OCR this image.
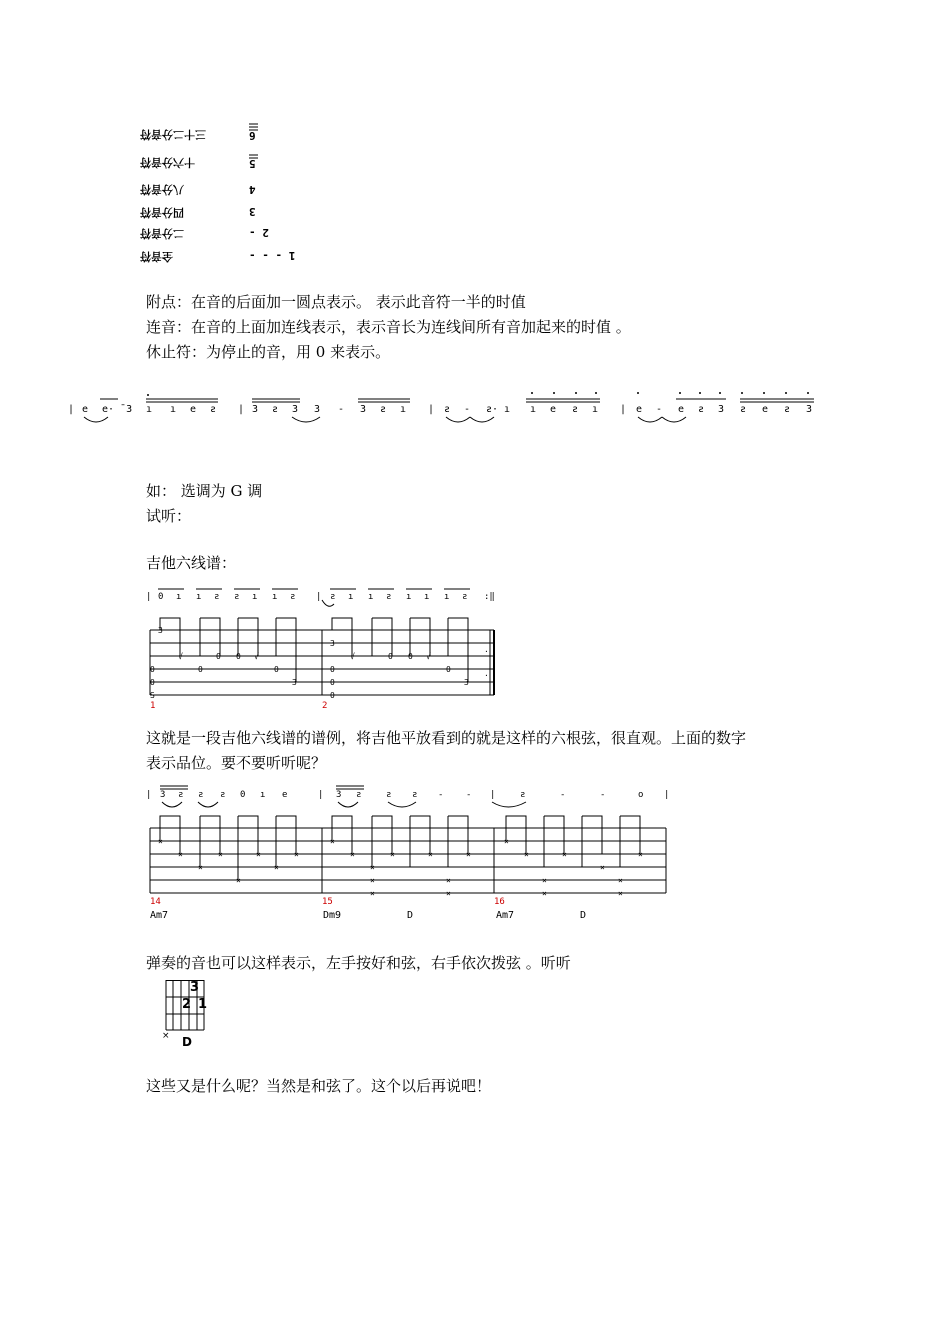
三十二分音符	6
十六分音符	5
八分音符	4
四分音符	3
二分音符	2 -
全音符	1 - - -
附点：在音的后面加一圆点表示。 表示此音符一半的时值
连音：在音的上面加连线表示，表示音长为连线间所有音加起来的时值 。
休止符：为停止的音，用 0 来表示。
| e e· ¯3 ı ı e ƨ | 3 ƨ 3 3 - 3 ƨ ı | ƨ - ƨ· ı ı e ƨ ı | e - e ƨ 3 ƨ e ƨ 3
如： 选调为 G 调
试听：
吉他六线谱：
| 0 ı ı ƨ ƨ ı ı ƨ | ƨ ı ı ƨ ı ı ı ƨ :‖
3
√
0
0 0 √
0
3
3
√
0
0 0 √
0
3
0
0
S
0
0
·
·
1	2
这就是一段吉他六线谱的谱例，将吉他平放看到的就是这样的六根弦，很直观。上面的数字
表示品位。要不要听听呢？
| 3 ƨ ƨ ƨ 0 ı e	| 3 ƨ	ƨ ƨ -	- |	ƨ	-	-	o |
×
×
×
×
×
×
×
×
×
×
×
×
×
×
×
×
×	×
×
×
×
×
×
×
×
×
×
14	15	16
Am7	Dm9	D	Am7	D
弹奏的音也可以这样表示，左手按好和弦，右手依次拨弦 。听听
3
2 1
× D
这些又是什么呢？当然是和弦了。这个以后再说吧！
